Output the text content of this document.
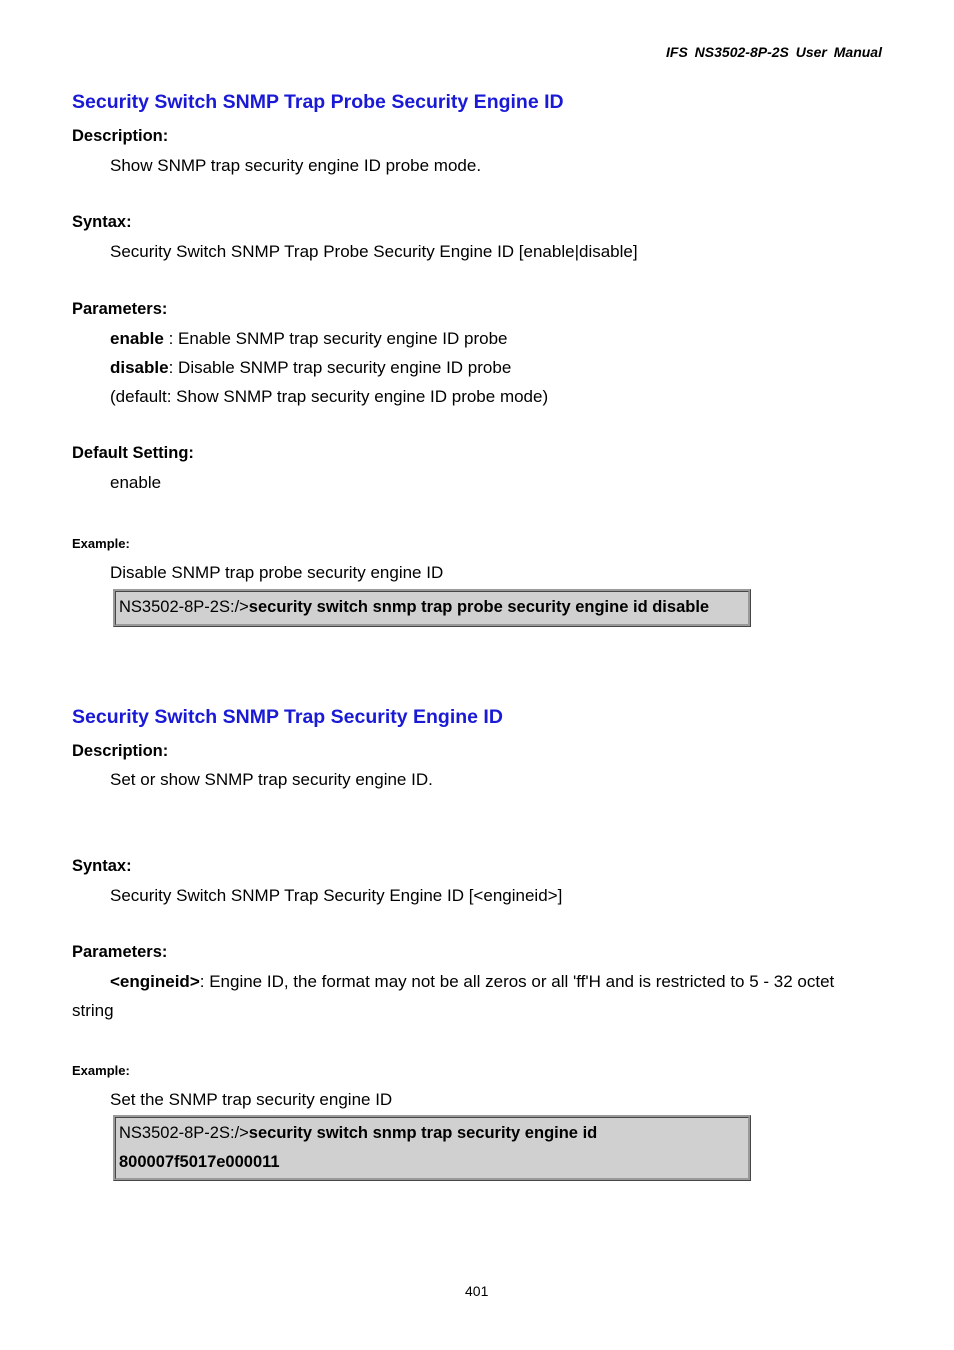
IFS NS3502-8P-2S User Manual
Security Switch SNMP Trap Probe Security Engine ID
Description:
Show SNMP trap security engine ID probe mode.
Syntax:
Security Switch SNMP Trap Probe Security Engine ID [enable|disable]
Parameters:
enable : Enable SNMP trap security engine ID probe
disable: Disable SNMP trap security engine ID probe
(default: Show SNMP trap security engine ID probe mode)
Default Setting:
enable
Example:
Disable SNMP trap probe security engine ID
NS3502-8P-2S:/>security switch snmp trap probe security engine id disable
Security Switch SNMP Trap Security Engine ID
Description:
Set or show SNMP trap security engine ID.
Syntax:
Security Switch SNMP Trap Security Engine ID [<engineid>]
Parameters:
<engineid>: Engine ID, the format may not be all zeros or all 'ff'H and is restricted to 5 - 32 octet
string
Example:
Set the SNMP trap security engine ID
NS3502-8P-2S:/>security switch snmp trap security engine id
800007f5017e000011
401
